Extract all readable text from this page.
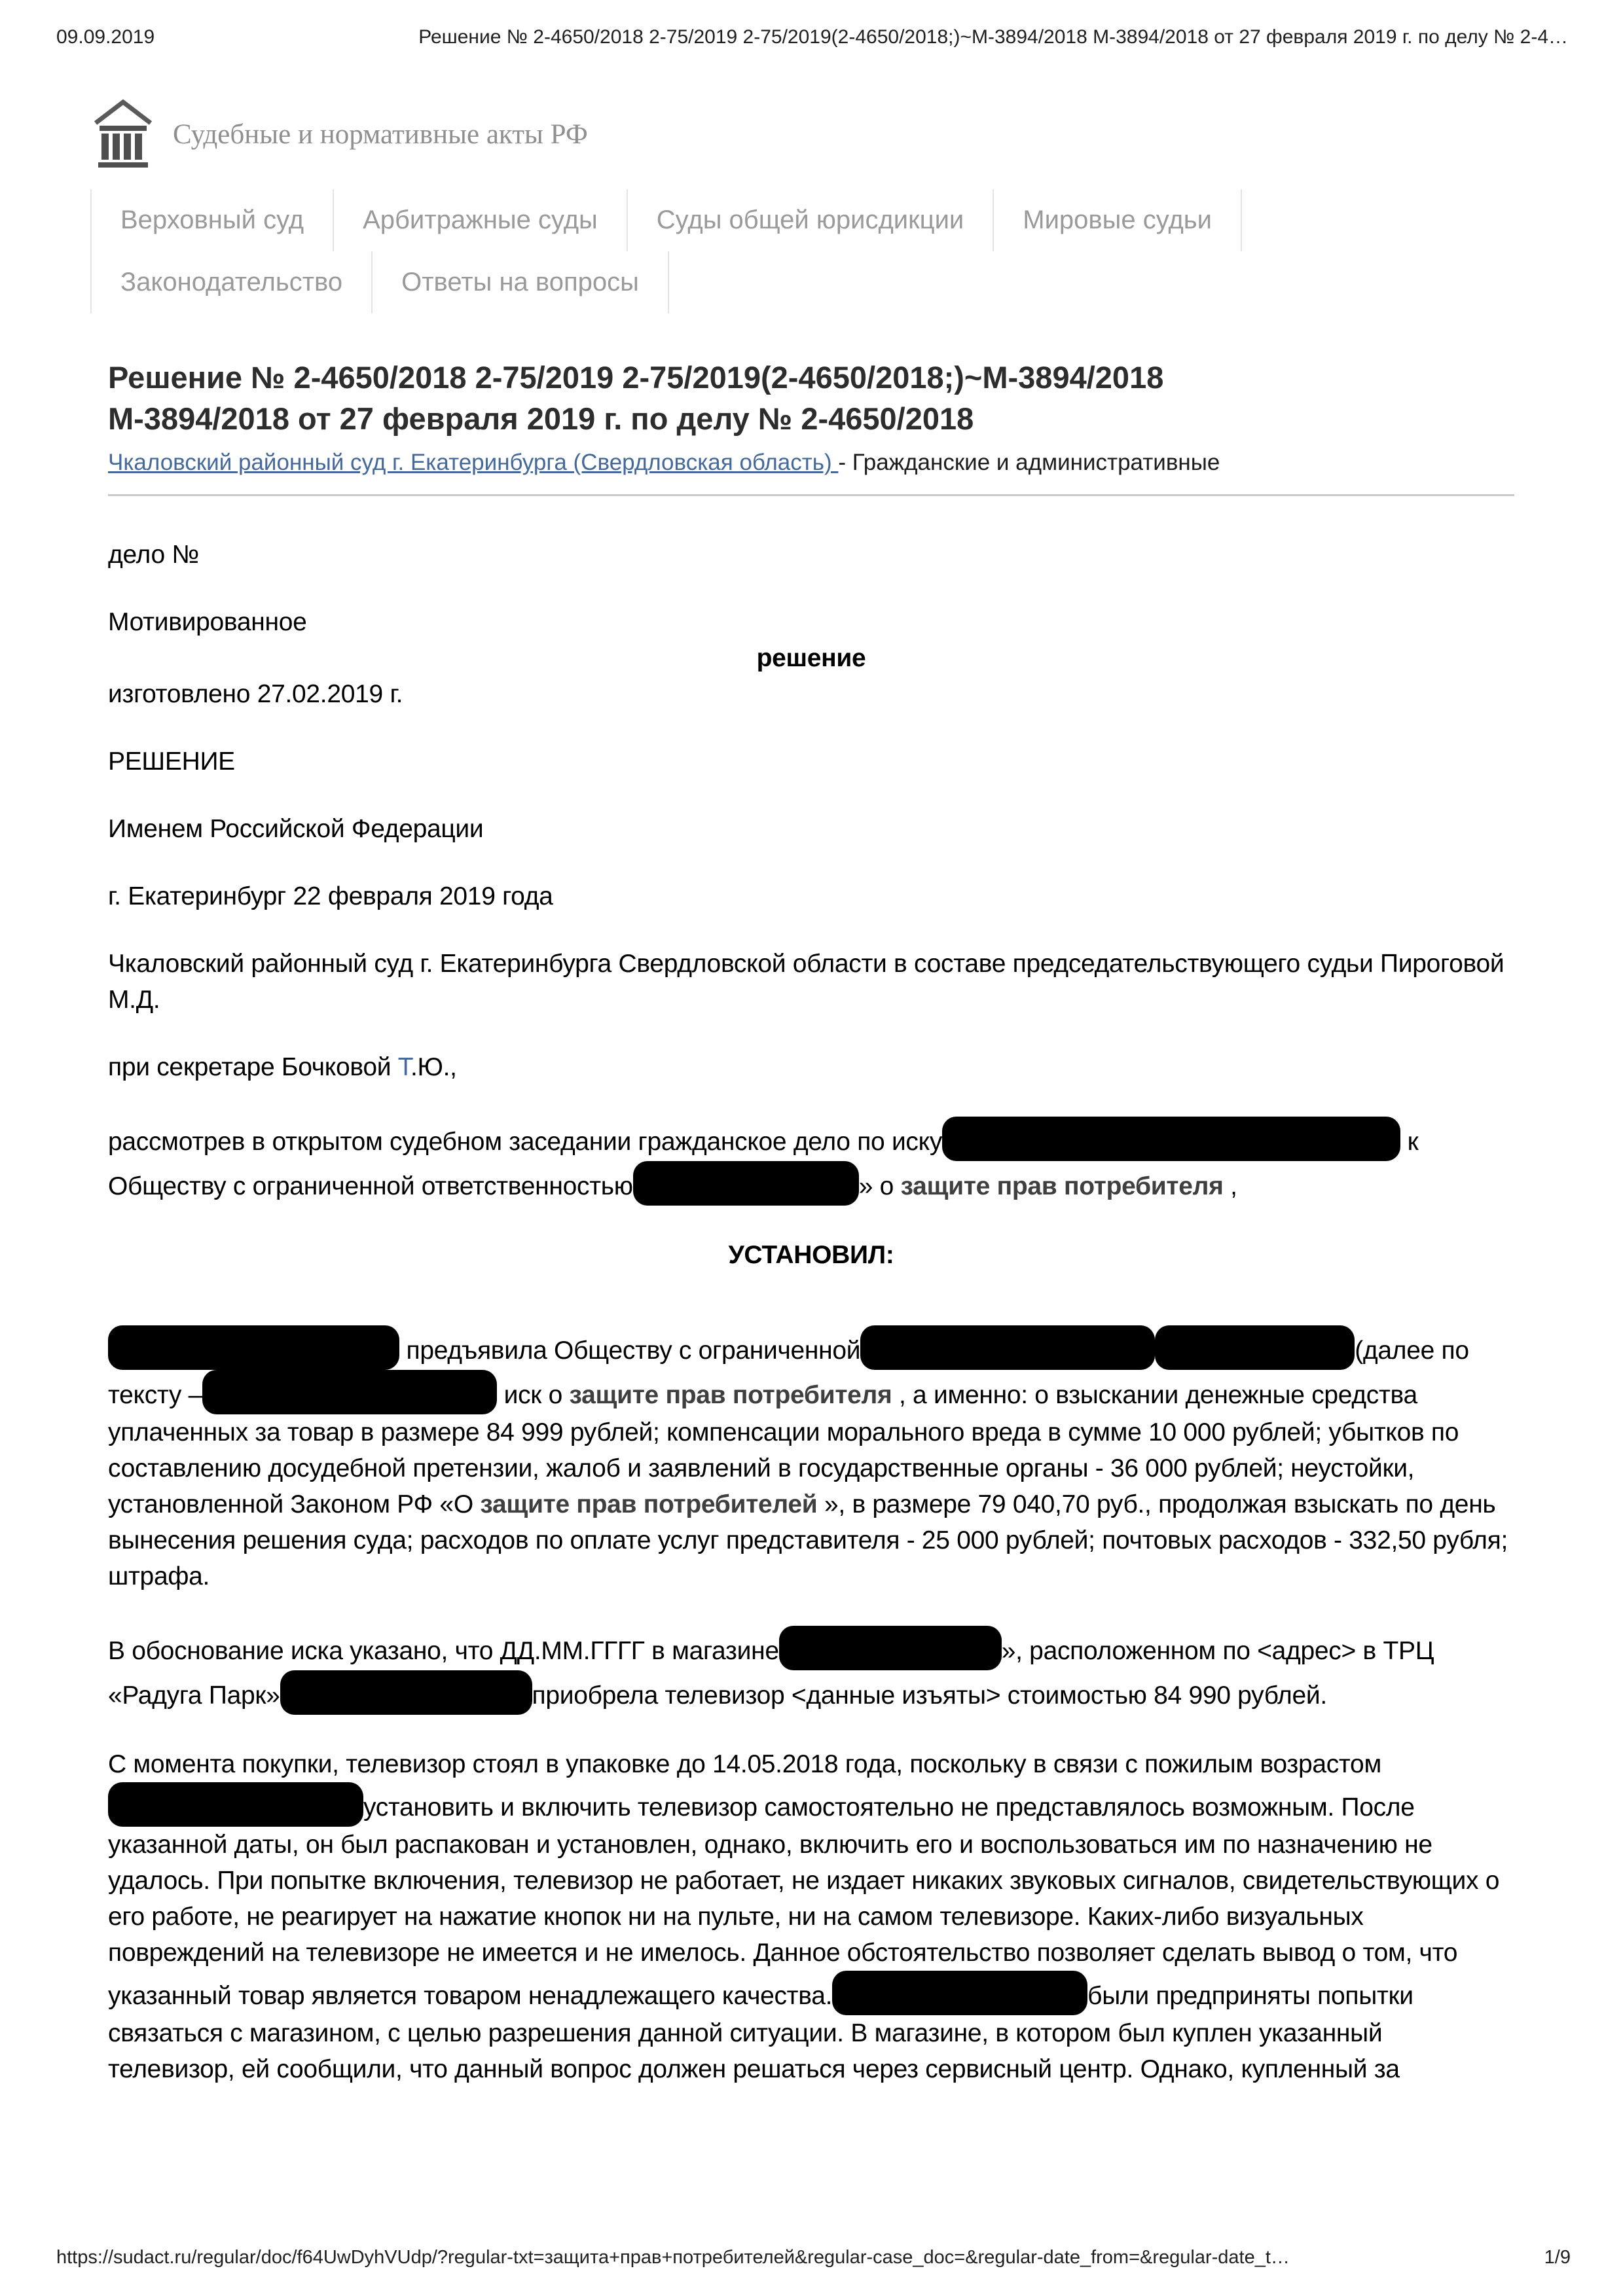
09.09.2019	Решение № 2-4650/2018 2-75/2019 2-75/2019(2-4650/2018;)~М-3894/2018 М-3894/2018 от 27 февраля 2019 г. по делу № 2-4…
Судебные и нормативные акты РФ
Верховный суд	Арбитражные суды	Суды общей юрисдикции	Мировые судьи
Законодательство	Ответы на вопросы
Решение № 2-4650/2018 2-75/2019 2-75/2019(2-4650/2018;)~М-3894/2018
М-3894/2018 от 27 февраля 2019 г. по делу № 2-4650/2018
Чкаловский районный суд г. Екатеринбурга (Свердловская область) - Гражданские и административные
дело №
Мотивированное
решение
изготовлено 27.02.2019 г.
РЕШЕНИЕ
Именем Российской Федерации
г. Екатеринбург 22 февраля 2019 года
Чкаловский районный суд г. Екатеринбурга Свердловской области в составе председательствующего судьи Пироговой М.Д.
при секретаре Бочковой Т.Ю.,
рассмотрев в открытом судебном заседании гражданское дело по иску	к Обществу с ограниченной ответственностью	» о защите прав потребителя ,
УСТАНОВИЛ:
предъявила Обществу с ограниченной	(далее по тексту –	иск о защите прав потребителя , а именно: о взыскании денежные средства уплаченных за товар в размере 84 999 рублей; компенсации морального вреда в сумме 10 000 рублей; убытков по составлению досудебной претензии, жалоб и заявлений в государственные органы - 36 000 рублей; неустойки, установленной Законом РФ «О защите прав потребителей », в размере 79 040,70 руб., продолжая взыскать по день вынесения решения суда; расходов по оплате услуг представителя - 25 000 рублей; почтовых расходов - 332,50 рубля; штрафа.
В обоснование иска указано, что ДД.ММ.ГГГГ в магазине	», расположенном по <адрес> в ТРЦ «Радуга Парк»	приобрела телевизор <данные изъяты> стоимостью 84 990 рублей.
С момента покупки, телевизор стоял в упаковке до 14.05.2018 года, поскольку в связи с пожилым возрастомустановить и включить телевизор самостоятельно не представлялось возможным. После указанной даты, он был распакован и установлен, однако, включить его и воспользоваться им по назначению не удалось. При попытке включения, телевизор не работает, не издает никаких звуковых сигналов, свидетельствующих о его работе, не реагирует на нажатие кнопок ни на пульте, ни на самом телевизоре. Каких-либо визуальных повреждений на телевизоре не имеется и не имелось. Данное обстоятельство позволяет сделать вывод о том, что указанный товар является товаром ненадлежащего качества.	были предприняты попытки связаться с магазином, с целью разрешения данной ситуации. В магазине, в котором был куплен указанный телевизор, ей сообщили, что данный вопрос должен решаться через сервисный центр. Однако, купленный за
https://sudact.ru/regular/doc/f64UwDyhVUdp/?regular-txt=защита+прав+потребителей&regular-case_doc=&regular-date_from=&regular-date_t…	1/9
